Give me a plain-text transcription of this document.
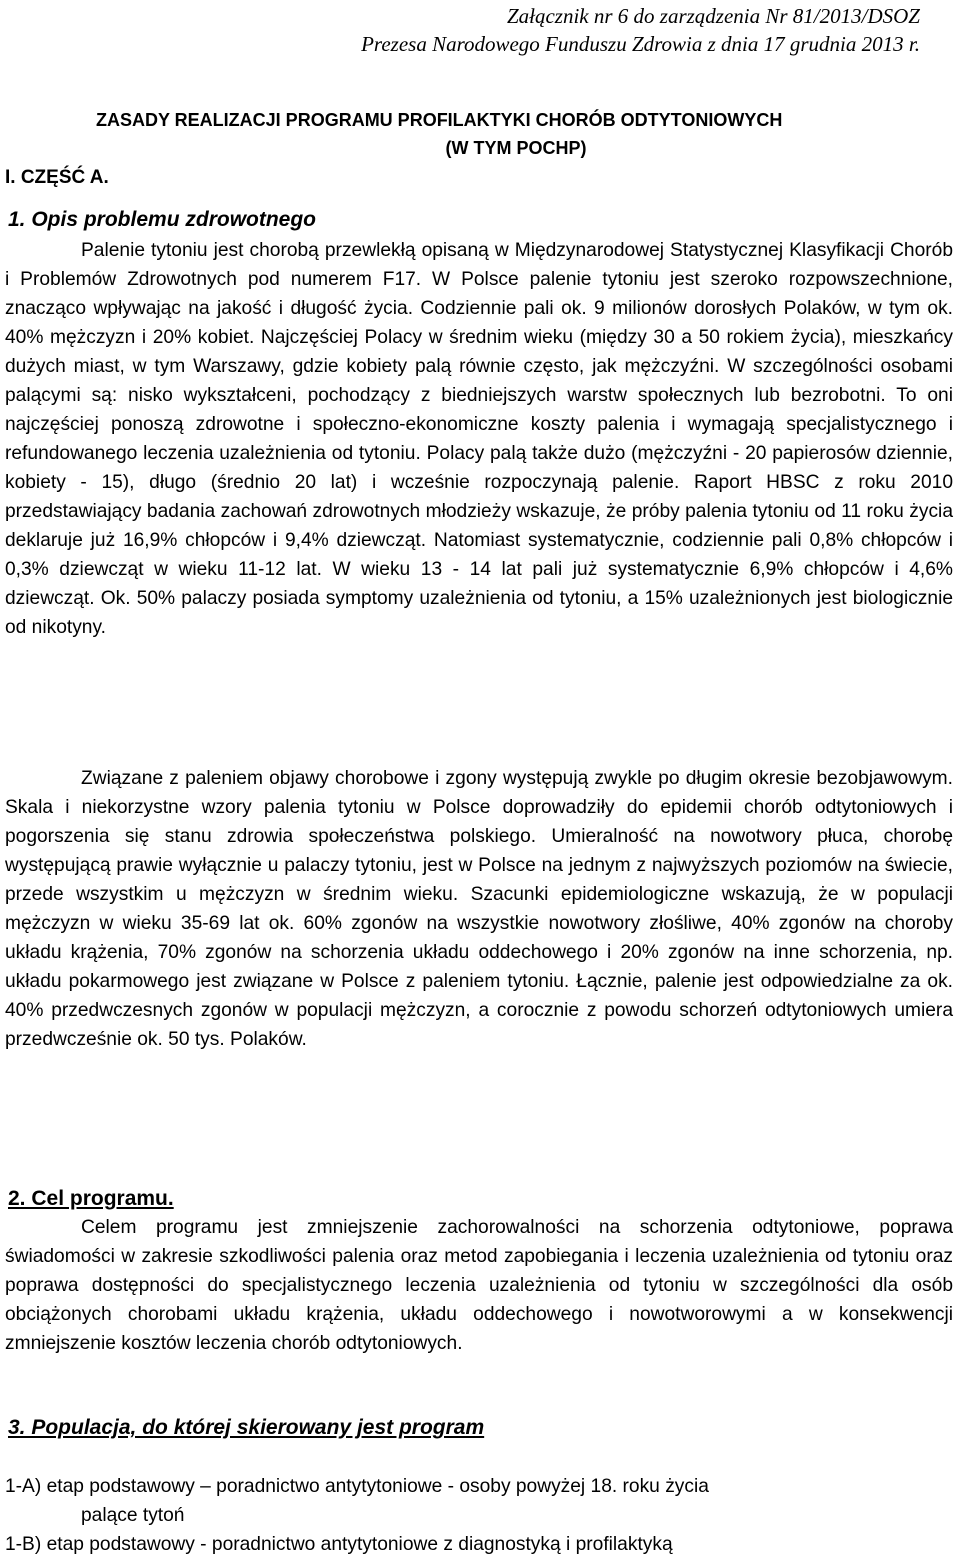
Załącznik nr 6 do zarządzenia Nr 81/2013/DSOZ
Prezesa Narodowego Funduszu Zdrowia z dnia 17 grudnia 2013 r.
ZASADY REALIZACJI PROGRAMU PROFILAKTYKI CHORÓB ODTYTONIOWYCH
(W TYM POCHP)
I. CZĘŚĆ A.
1. Opis problemu zdrowotnego

Palenie tytoniu jest chorobą przewlekłą opisaną w Międzynarodowej Statystycznej Klasyfikacji Chorób i Problemów Zdrowotnych pod numerem F17. W Polsce palenie tytoniu jest szeroko rozpowszechnione, znacząco wpływając na jakość i długość życia. Codziennie pali ok. 9 milionów dorosłych Polaków, w tym ok. 40% mężczyzn i 20% kobiet. Najczęściej Polacy w średnim wieku (między 30 a 50 rokiem życia), mieszkańcy dużych miast, w tym Warszawy, gdzie kobiety palą równie często, jak mężczyźni. W szczególności osobami palącymi są: nisko wykształceni, pochodzący z biedniejszych warstw społecznych lub bezrobotni. To oni najczęściej ponoszą zdrowotne i społeczno-ekonomiczne koszty palenia i wymagają specjalistycznego i refundowanego leczenia uzależnienia od tytoniu. Polacy palą także dużo (mężczyźni - 20 papierosów dziennie, kobiety - 15), długo (średnio 20 lat) i wcześnie rozpoczynają palenie. Raport HBSC z roku 2010 przedstawiający badania zachowań zdrowotnych młodzieży wskazuje, że próby palenia tytoniu od 11 roku życia deklaruje już 16,9% chłopców i 9,4% dziewcząt. Natomiast systematycznie, codziennie pali 0,8% chłopców i 0,3% dziewcząt w wieku 11-12 lat. W wieku 13 - 14 lat pali już systematycznie 6,9% chłopców i 4,6% dziewcząt. Ok. 50% palaczy posiada symptomy uzależnienia od tytoniu, a 15% uzależnionych jest biologicznie od nikotyny.

Związane z paleniem objawy chorobowe i zgony występują zwykle po długim okresie bezobjawowym. Skala i niekorzystne wzory palenia tytoniu w Polsce doprowadziły do epidemii chorób odtytoniowych i pogorszenia się stanu zdrowia społeczeństwa polskiego. Umieralność na nowotwory płuca, chorobę występującą prawie wyłącznie u palaczy tytoniu, jest w Polsce na jednym z najwyższych poziomów na świecie, przede wszystkim u mężczyzn w średnim wieku. Szacunki epidemiologiczne wskazują, że w populacji mężczyzn w wieku 35-69 lat ok. 60% zgonów na wszystkie nowotwory złośliwe, 40% zgonów na choroby układu krążenia, 70% zgonów na schorzenia układu oddechowego i 20% zgonów na inne schorzenia, np. układu pokarmowego jest związane w Polsce z paleniem tytoniu. Łącznie, palenie jest odpowiedzialne za ok. 40% przedwczesnych zgonów w populacji mężczyzn, a corocznie z powodu schorzeń odtytoniowych umiera przedwcześnie ok. 50 tys. Polaków.

2. Cel programu.

Celem programu jest zmniejszenie zachorowalności na schorzenia odtytoniowe, poprawa świadomości w zakresie szkodliwości palenia oraz metod zapobiegania i leczenia uzależnienia od tytoniu oraz poprawa dostępności do specjalistycznego leczenia uzależnienia od tytoniu w szczególności dla osób obciążonych chorobami układu krążenia, układu oddechowego i nowotworowymi a w konsekwencji zmniejszenie kosztów leczenia chorób odtytoniowych.

3. Populacja, do której skierowany jest program
1-A) etap podstawowy – poradnictwo antytytoniowe - osoby powyżej 18. roku życia
palące tytoń
1-B) etap podstawowy - poradnictwo antytytoniowe z diagnostyką i profilaktyką
